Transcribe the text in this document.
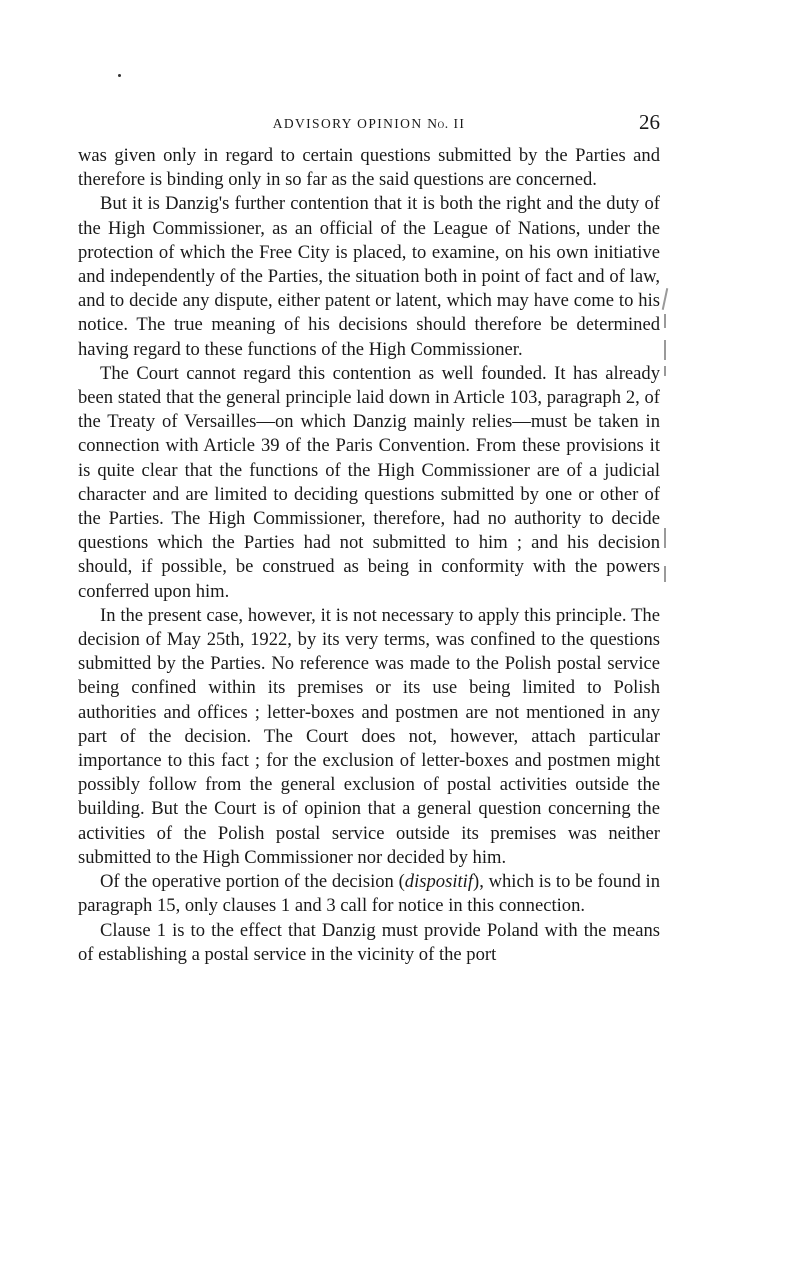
ADVISORY OPINION No. II	26

was given only in regard to certain questions submitted by the Parties and therefore is binding only in so far as the said questions are concerned.

But it is Danzig's further contention that it is both the right and the duty of the High Commissioner, as an official of the League of Nations, under the protection of which the Free City is placed, to examine, on his own initiative and independently of the Parties, the situation both in point of fact and of law, and to decide any dispute, either patent or latent, which may have come to his notice. The true meaning of his decisions should therefore be determined having regard to these functions of the High Commissioner.

The Court cannot regard this contention as well founded. It has already been stated that the general principle laid down in Article 103, paragraph 2, of the Treaty of Versailles—on which Danzig mainly relies—must be taken in connection with Article 39 of the Paris Convention. From these provisions it is quite clear that the functions of the High Commissioner are of a judicial character and are limited to deciding questions submitted by one or other of the Parties. The High Commissioner, therefore, had no authority to decide questions which the Parties had not submitted to him ; and his decision should, if possible, be construed as being in conformity with the powers conferred upon him.

In the present case, however, it is not necessary to apply this principle. The decision of May 25th, 1922, by its very terms, was confined to the questions submitted by the Parties. No reference was made to the Polish postal service being confined within its premises or its use being limited to Polish authorities and offices ; letter-boxes and postmen are not mentioned in any part of the decision. The Court does not, however, attach particular importance to this fact ; for the exclusion of letter-boxes and postmen might possibly follow from the general exclusion of postal activities outside the building. But the Court is of opinion that a general question concerning the activities of the Polish postal service outside its premises was neither submitted to the High Commissioner nor decided by him.

Of the operative portion of the decision (dispositif), which is to be found in paragraph 15, only clauses 1 and 3 call for notice in this connection.

Clause 1 is to the effect that Danzig must provide Poland with the means of establishing a postal service in the vicinity of the port
